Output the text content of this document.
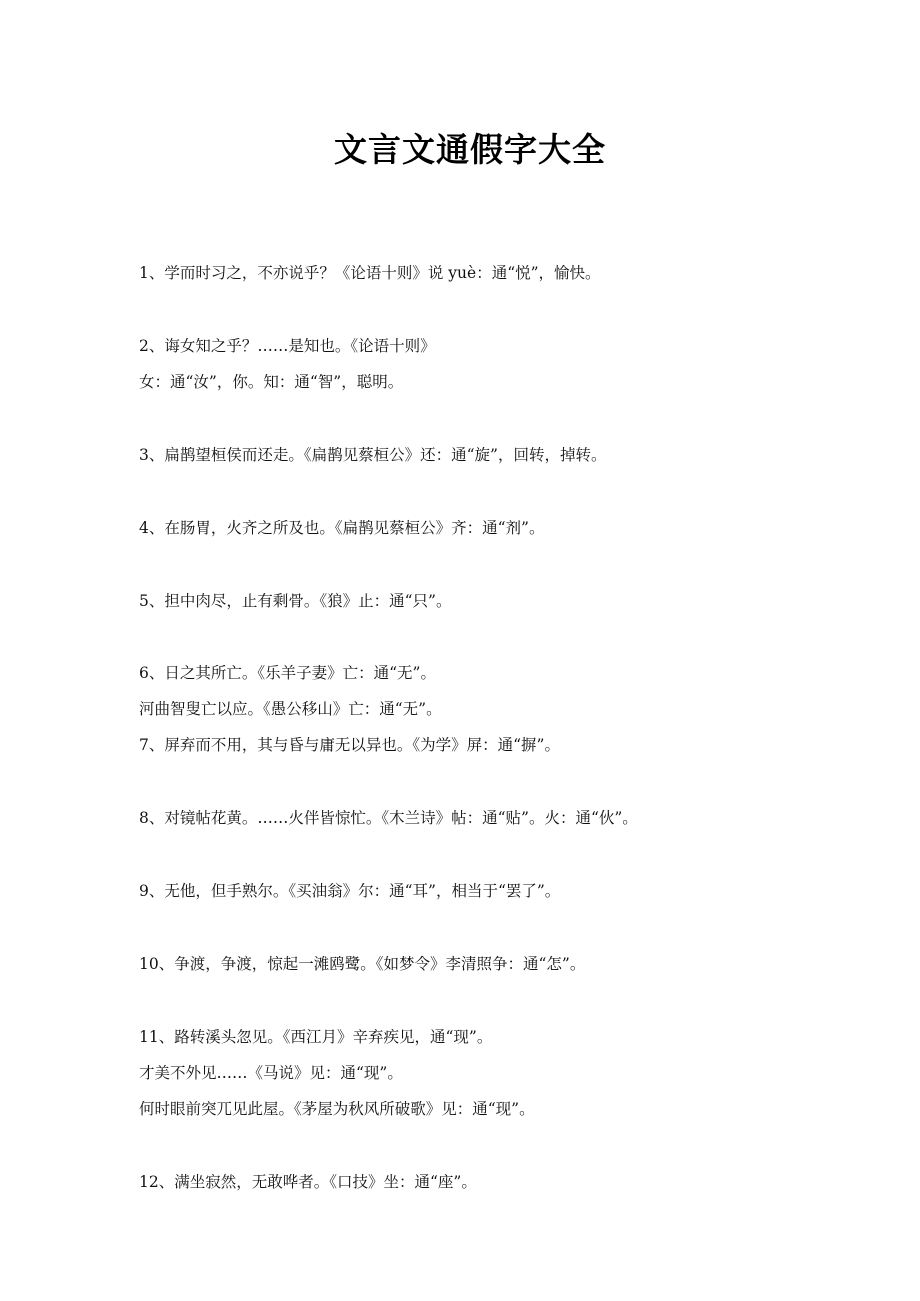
文言文通假字大全
1、学而时习之，不亦说乎？《论语十则》说 yuè：通“悦”，愉快。
2、诲女知之乎？……是知也。《论语十则》
女：通“汝”，你。知：通“智”，聪明。
3、扁鹊望桓侯而还走。《扁鹊见蔡桓公》还：通“旋”，回转，掉转。
4、在肠胃，火齐之所及也。《扁鹊见蔡桓公》齐：通“剂”。
5、担中肉尽，止有剩骨。《狼》止：通“只”。
6、日之其所亡。《乐羊子妻》亡：通“无”。
河曲智叟亡以应。《愚公移山》亡：通“无”。
7、屏弃而不用，其与昏与庸无以异也。《为学》屏：通“摒”。
8、对镜帖花黄。……火伴皆惊忙。《木兰诗》帖：通“贴”。火：通“伙”。
9、无他，但手熟尔。《买油翁》尔：通“耳”，相当于“罢了”。
10、争渡，争渡，惊起一滩鸥鹭。《如梦令》李清照争：通“怎”。
11、路转溪头忽见。《西江月》辛弃疾见，通“现”。
才美不外见……《马说》见：通“现”。
何时眼前突兀见此屋。《茅屋为秋风所破歌》见：通“现”。
12、满坐寂然，无敢哗者。《口技》坐：通“座”。
